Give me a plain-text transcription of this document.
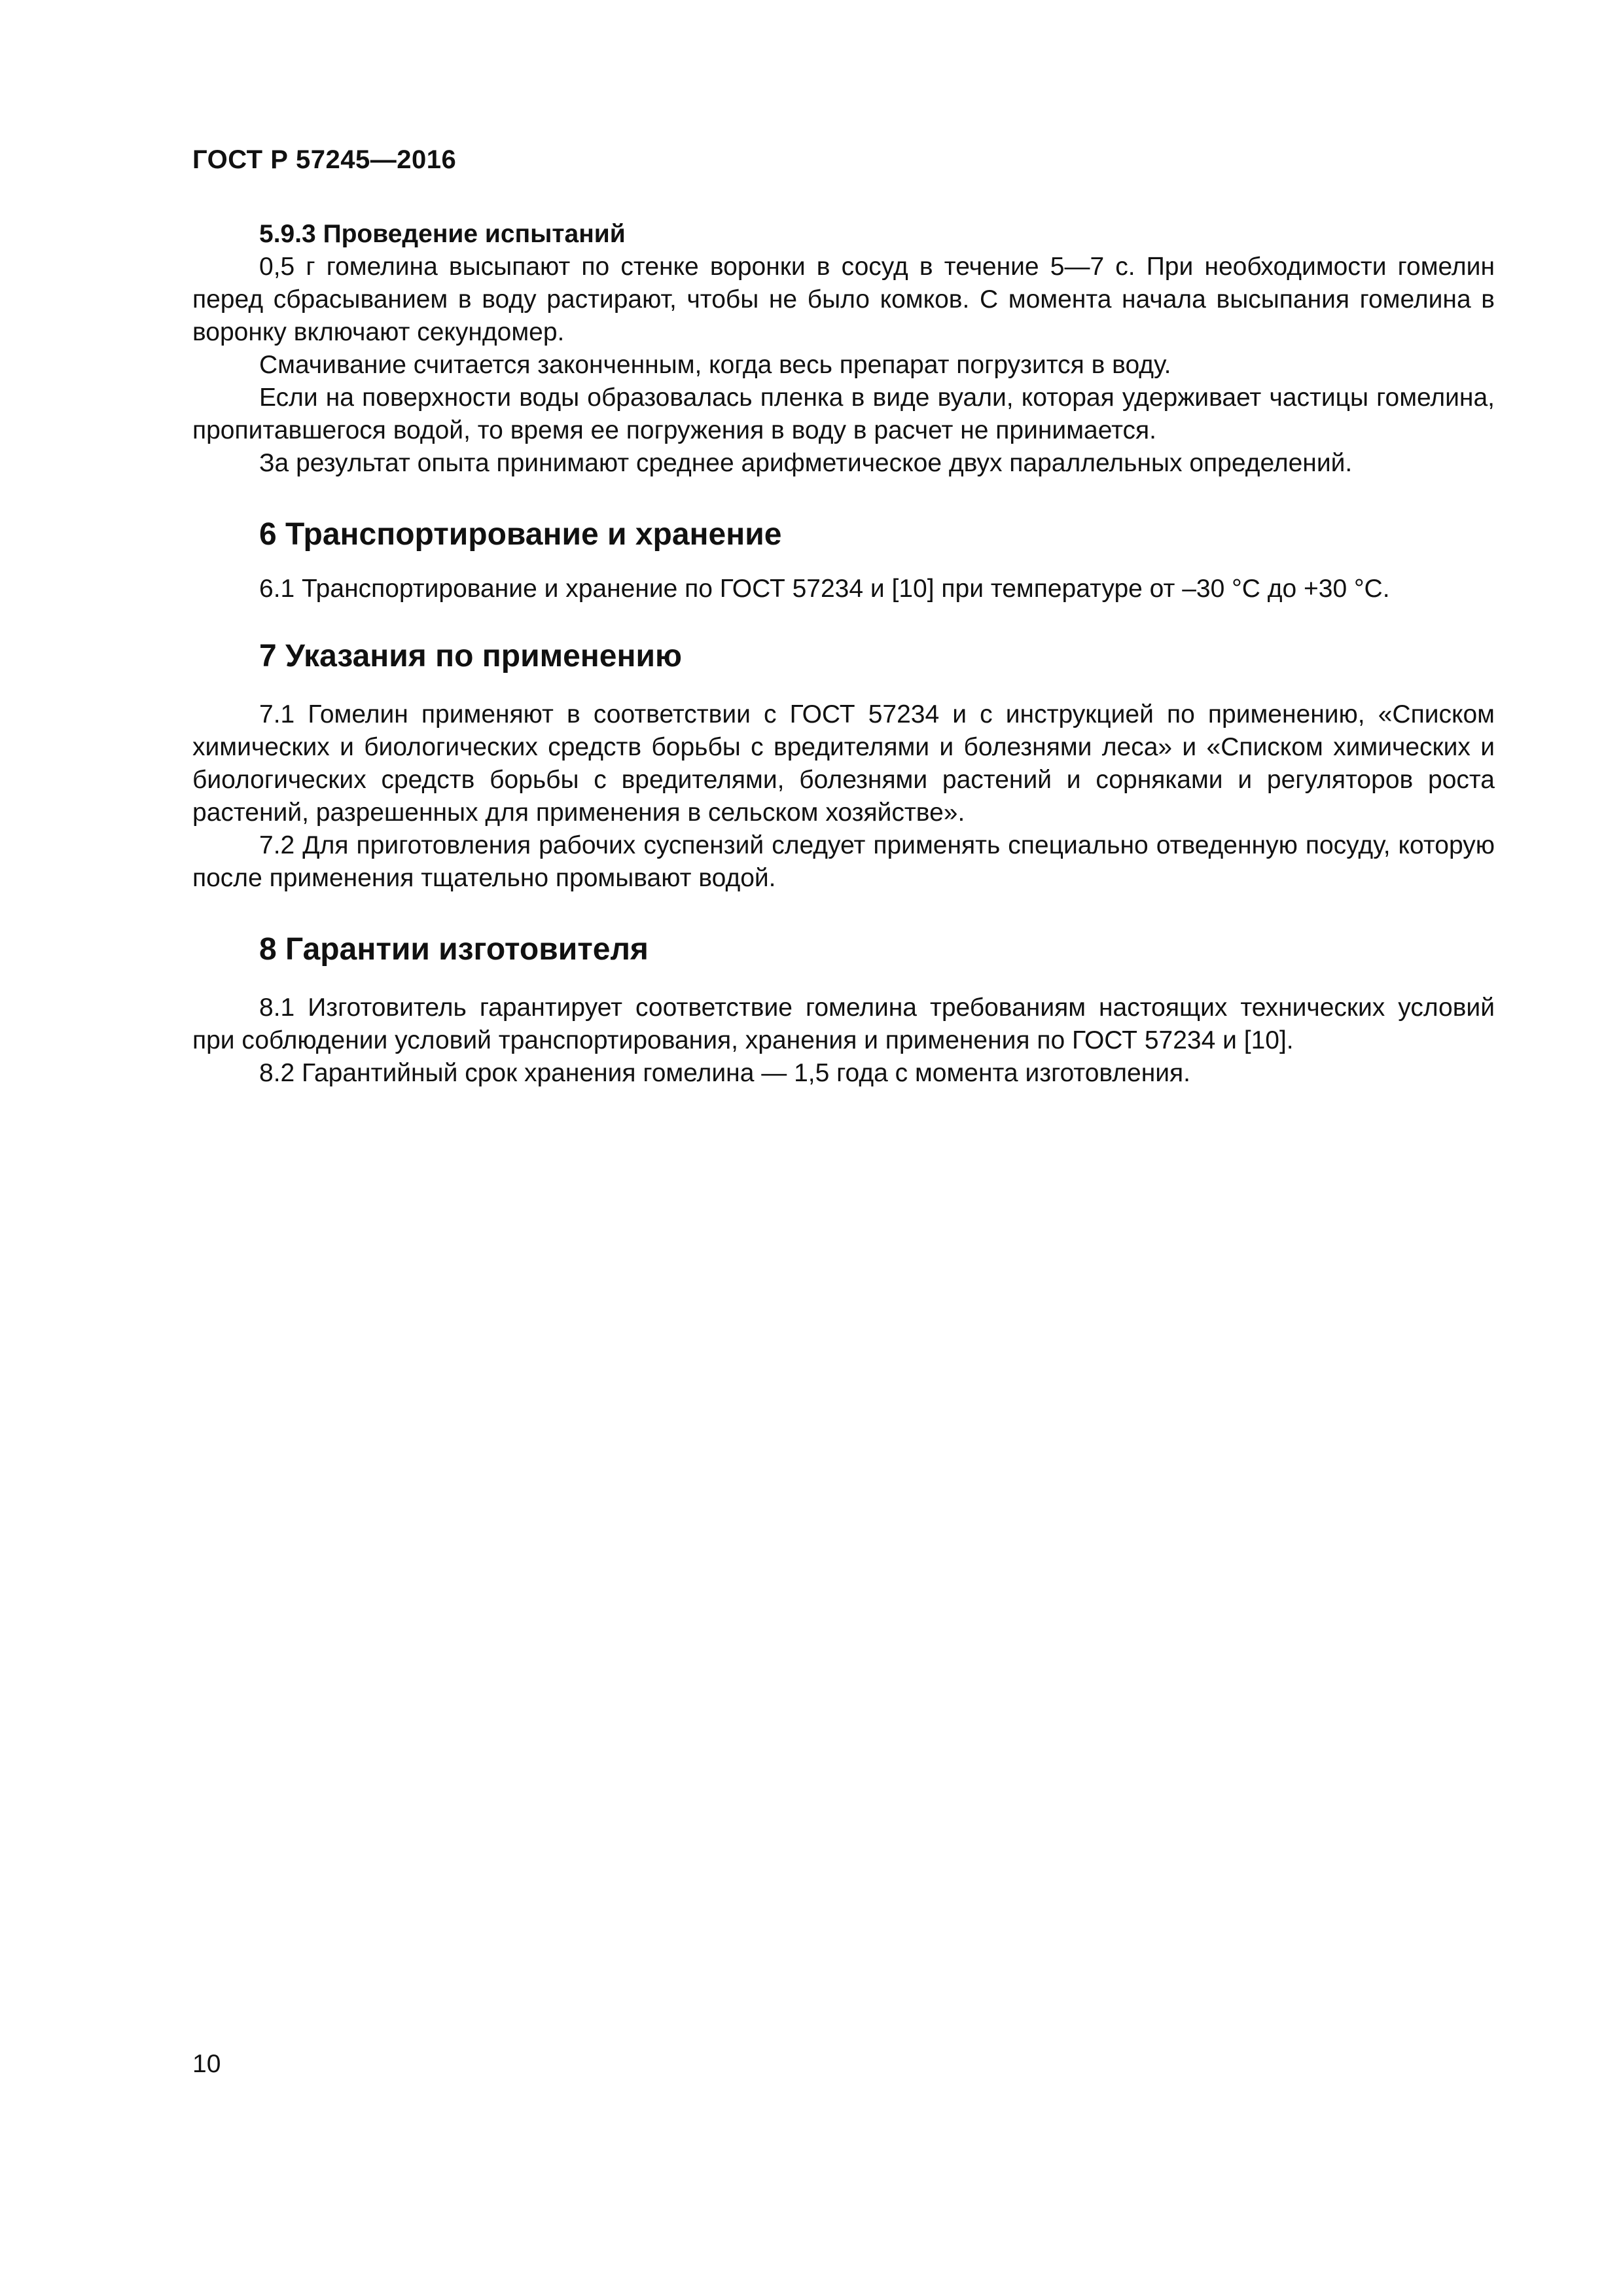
ГОСТ Р 57245—2016
5.9.3 Проведение испытаний

0,5 г гомелина высыпают по стенке воронки в сосуд в течение 5—7 с. При необходимости гомелин перед сбрасыванием в воду растирают, чтобы не было комков. С момента начала высыпания гомелина в воронку включают секундомер.

Смачивание считается законченным, когда весь препарат погрузится в воду.

Если на поверхности воды образовалась пленка в виде вуали, которая удерживает частицы гомелина, пропитавшегося водой, то время ее погружения в воду в расчет не принимается.

За результат опыта принимают среднее арифметическое двух параллельных определений.

6 Транспортирование и хранение

6.1 Транспортирование и хранение по ГОСТ 57234 и [10] при температуре от –30 °С до +30 °С.

7 Указания по применению

7.1 Гомелин применяют в соответствии с ГОСТ 57234 и с инструкцией по применению, «Списком химических и биологических средств борьбы с вредителями и болезнями леса» и «Списком химических и биологических средств борьбы с вредителями, болезнями растений и сорняками и регуляторов роста растений, разрешенных для применения в сельском хозяйстве».

7.2 Для приготовления рабочих суспензий следует применять специально отведенную посуду, которую после применения тщательно промывают водой.

8 Гарантии изготовителя

8.1 Изготовитель гарантирует соответствие гомелина требованиям настоящих технических условий при соблюдении условий транспортирования, хранения и применения по ГОСТ 57234 и [10].

8.2 Гарантийный срок хранения гомелина — 1,5 года с момента изготовления.

10
